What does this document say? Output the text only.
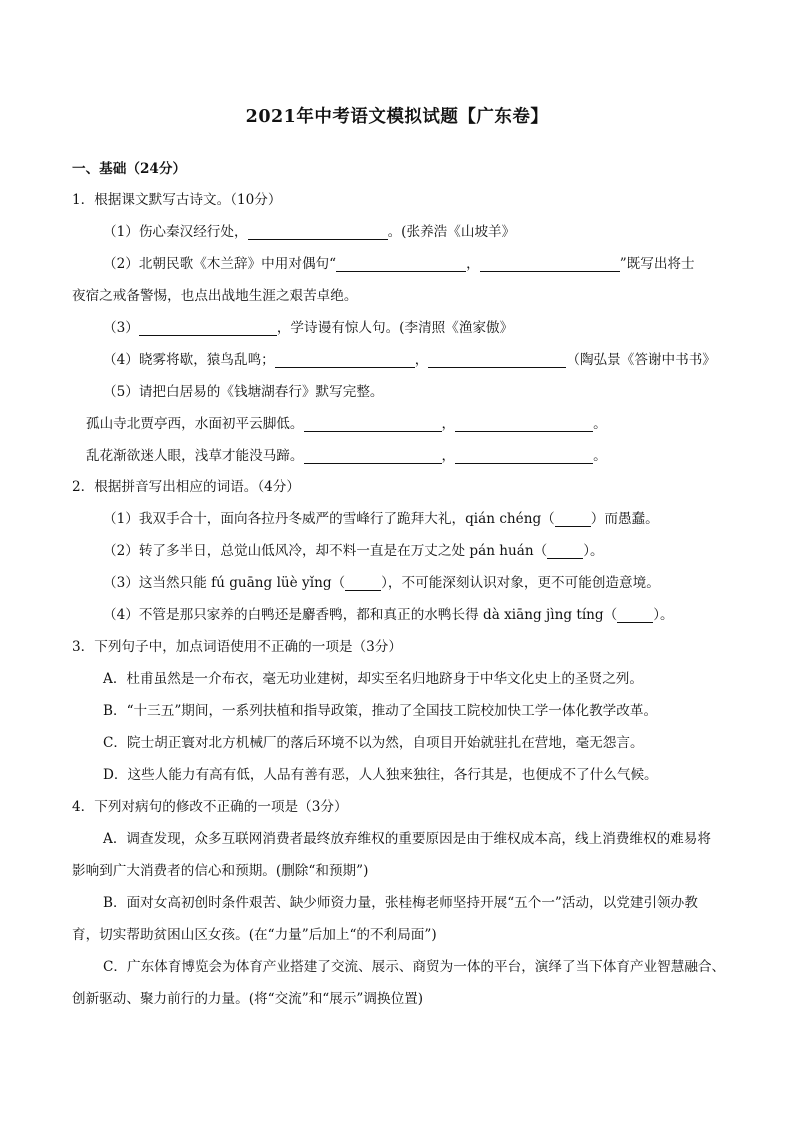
2021年中考语文模拟试题【广东卷】
一、基础（24分）
1．根据课文默写古诗文。（10分）
（1）伤心秦汉经行处，	。(张养浩《山坡羊》
（2）北朝民歌《木兰辞》中用对偶句“	，	”既写出将士
夜宿之戒备警惕，也点出战地生涯之艰苦卓绝。
（3）	，学诗谩有惊人句。(李清照《渔家傲》
（4）晓雾将歇，猿鸟乱鸣；	，	（陶弘景《答谢中书书》
（5）请把白居易的《钱塘湖春行》默写完整。
孤山寺北贾亭西，水面初平云脚低。	，	。
乱花渐欲迷人眼，浅草才能没马蹄。	，	。
2．根据拼音写出相应的词语。（4分）
（1）我双手合十，面向各拉丹冬威严的雪峰行了跪拜大礼，qián chéng（	）而愚蠢。
（2）转了多半日，总觉山低风冷，却不料一直是在万丈之处 pán huán（	）。
（3）这当然只能 fú guāng lüè yǐng（	），不可能深刻认识对象，更不可能创造意境。
（4）不管是那只家养的白鸭还是麝香鸭，都和真正的水鸭长得 dà xiāng jìng tíng（	）。
3．下列句子中，加点词语使用不正确的一项是（3分）
A．杜甫虽然是一介布衣，毫无功业建树，却实至名归地跻身于中华文化史上的圣贤之列。
B．“十三五”期间，一系列扶植和指导政策，推动了全国技工院校加快工学一体化教学改革。
C．院士胡正寰对北方机械厂的落后环境不以为然，自项目开始就驻扎在营地，毫无怨言。
D．这些人能力有高有低，人品有善有恶，人人独来独往，各行其是，也便成不了什么气候。
4．下列对病句的修改不正确的一项是（3分）
A．调查发现，众多互联网消费者最终放弃维权的重要原因是由于维权成本高，线上消费维权的难易将
影响到广大消费者的信心和预期。(删除“和预期”)
B．面对女高初创时条件艰苦、缺少师资力量，张桂梅老师坚持开展“五个一”活动，以党建引领办教
育，切实帮助贫困山区女孩。(在“力量”后加上“的不利局面”)
C．广东体育博览会为体育产业搭建了交流、展示、商贸为一体的平台，演绎了当下体育产业智慧融合、
创新驱动、聚力前行的力量。(将“交流”和“展示”调换位置)
